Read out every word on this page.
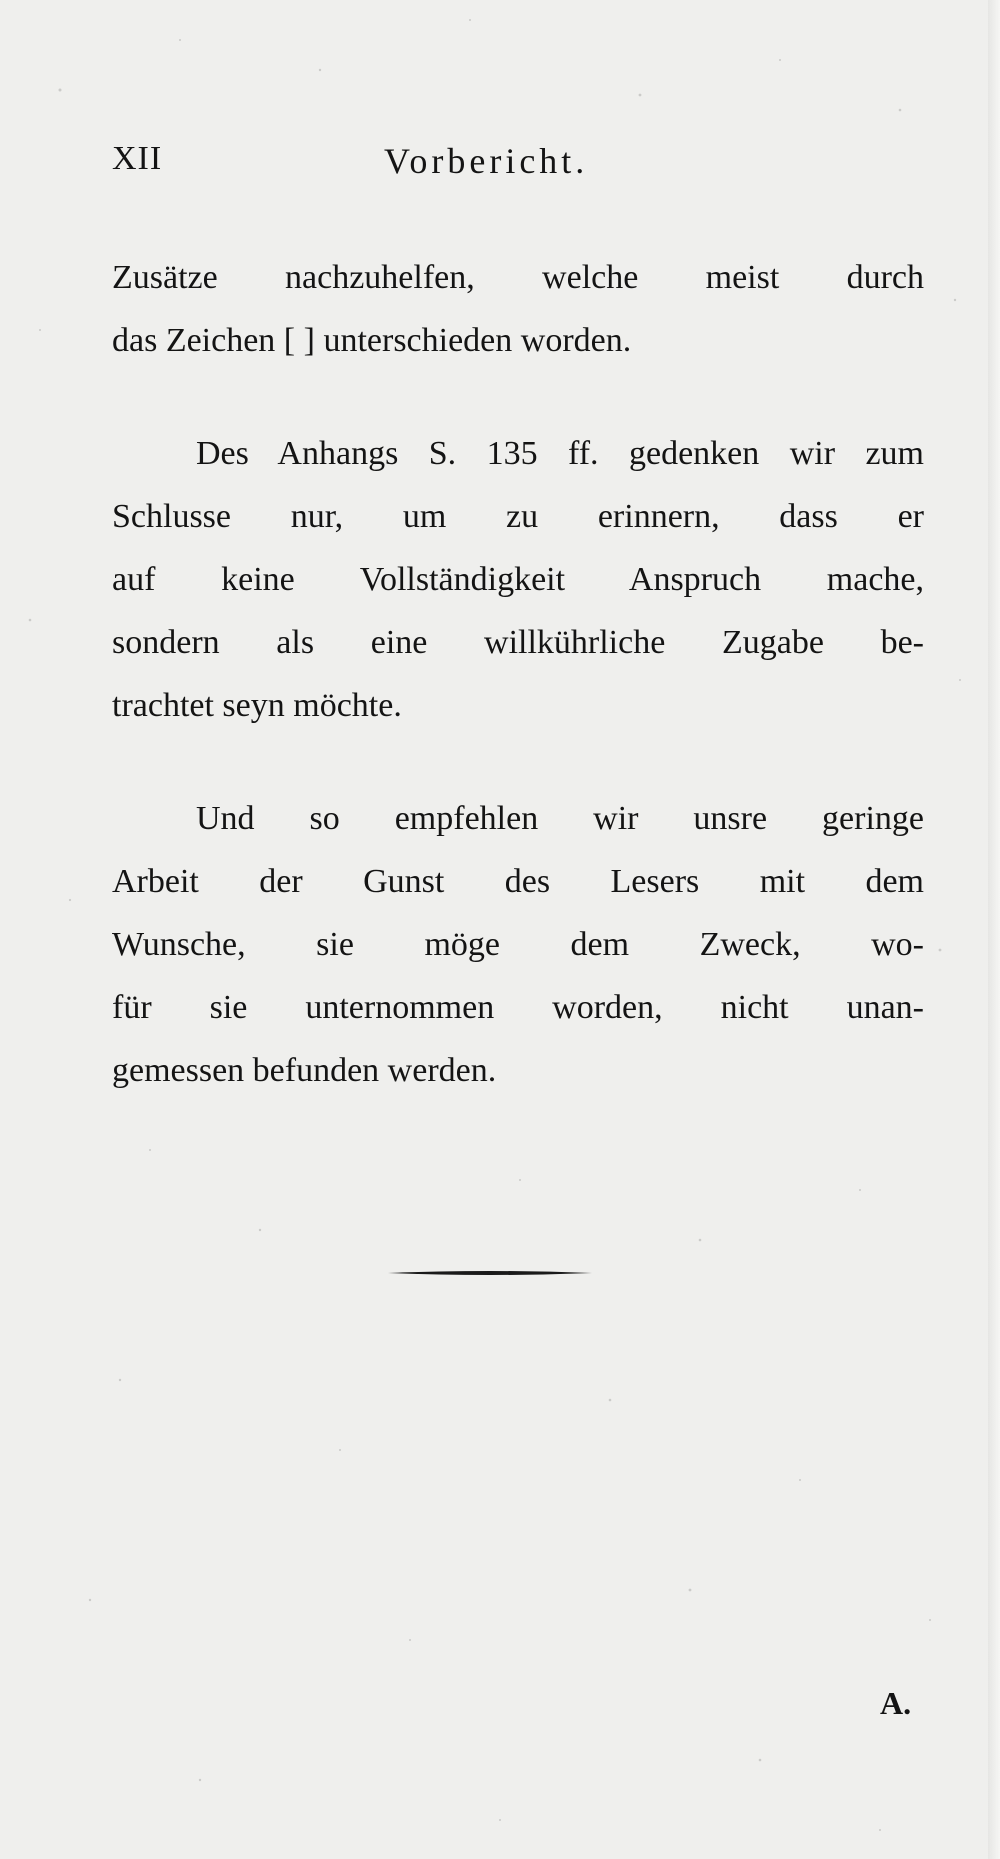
XII	Vorbericht.
Zusätze nachzuhelfen, welche meist durch
das Zeichen [ ] unterschieden worden.
Des Anhangs S. 135 ff. gedenken wir zum
Schlusse nur, um zu erinnern, dass er
auf keine Vollständigkeit Anspruch mache,
sondern als eine willkührliche Zugabe be-
trachtet seyn möchte.
Und so empfehlen wir unsre geringe
Arbeit der Gunst des Lesers mit dem
Wunsche, sie möge dem Zweck, wo-
für sie unternommen worden, nicht unan-
gemessen befunden werden.
A.
